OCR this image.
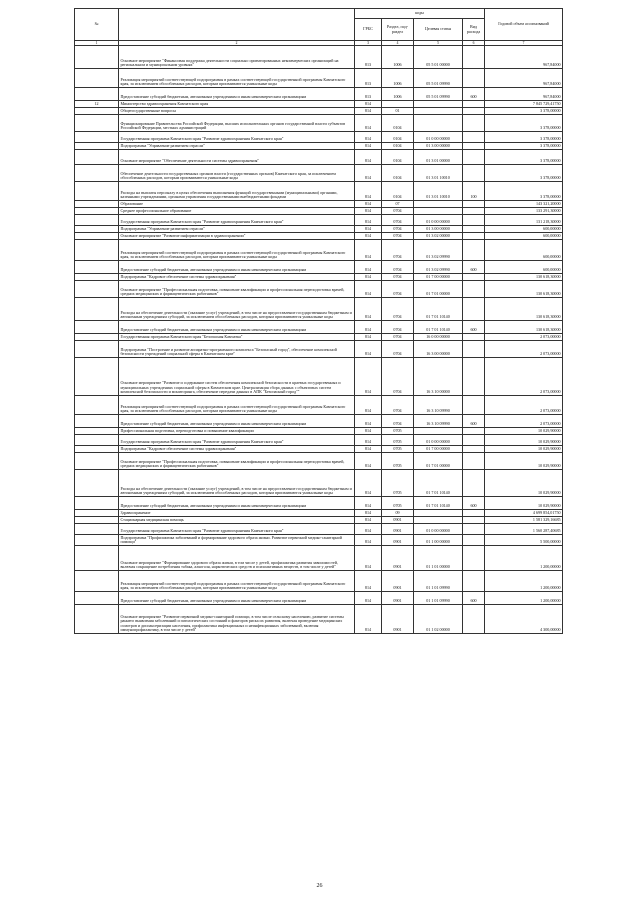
№		коды				Годовой объем ассигнований
		ГРБС	Раздел, под-раздел	Целевая статья	Вид расхода	
1	2	3	4	5	6	7
	Основное мероприятие "Финансовая поддержка деятельности социально ориентированных некоммерческих организаций на региональном и муниципальном уровнях"	813	1006	05 5 01 00000		967,84000
	Реализация мероприятий соответствующей подпрограммы в рамках соответствующей государственной программы Камчатского края, за исключением обособленных расходов, которым присваиваются уникальные коды	813	1006	05 5 01 09990		967,84000
	Предоставление субсидий бюджетным, автономным учреждениям и иным некоммерческим организациям	813	1006	05 5 01 09990	600	967,84000
12	Министерство здравоохранения Камчатского края	814				7 845 729,41750
	Общегосударственные вопросы	814	01			3 378,00000
	Функционирование Правительства Российской Федерации, высших исполнительных органов государственной власти субъектов Российской Федерации, местных администраций	814	0104			3 378,00000
	Государственная программа Камчатского края "Развитие здравоохранения Камчатского края"	814	0104	01 0 00 00000		3 378,00000
	Подпрограмма "Управление развитием отрасли"	814	0104	01 3 00 00000		3 378,00000
	Основное мероприятие "Обеспечение деятельности системы здравоохранения"	814	0104	01 3 01 00000		3 378,00000
	Обеспечение деятельности государственных органов власти (государственных органов) Камчатского края, за исключением обособленных расходов, которым присваиваются уникальные коды	814	0104	01 3 01 10010		3 378,00000
	Расходы на выплаты персоналу в целях обеспечения выполнения функций государственными (муниципальными) органами, казенными учреждениями, органами управления государственными внебюджетными фондами	814	0104	01 3 01 10010	100	3 378,00000
	Образование	814	07			143 321,20000
	Среднее профессиональное образование	814	0704			133 291,30000
	Государственная программа Камчатского края "Развитие здравоохранения Камчатского края"	814	0704	01 0 00 00000		131 218,30000
	Подпрограмма "Управление развитием отрасли"	814	0704	01 3 00 00000		600,00000
	Основное мероприятие "Развитие информатизации в здравоохранении"	814	0704	01 3 02 00000		600,00000
	Реализация мероприятий соответствующей подпрограммы в рамках соответствующей государственной программы Камчатского края, за исключением обособленных расходов, которым присваиваются уникальные коды	814	0704	01 3 02 09990		600,00000
	Предоставление субсидий бюджетным, автономным учреждениям и иным некоммерческим организациям	814	0704	01 3 02 09990	600	600,00000
	Подпрограмма "Кадровое обеспечение системы здравоохранения"	814	0704	01 7 00 00000		130 618,30000
	Основное мероприятие "Профессиональная подготовка, повышение квалификации и профессиональная переподготовка врачей, средних медицинских и фармацевтических работников"	814	0704	01 7 01 00000		130 618,30000
	Расходы на обеспечение деятельности (оказание услуг) учреждений, в том числе на предоставление государственным бюджетным и автономным учреждениям субсидий, за исключением обособленных расходов, которым присваиваются уникальные коды	814	0704	01 7 01 10140		130 618,30000
	Предоставление субсидий бюджетным, автономным учреждениям и иным некоммерческим организациям	814	0704	01 7 01 10140	600	130 618,30000
	Государственная программа Камчатского края "Безопасная Камчатка"	814	0704	16 0 00 00000		2 073,00000
	Подпрограмма "Построение и развитие аппаратно-программного комплекса "Безопасный город", обеспечение комплексной безопасности учреждений социальной сферы в Камчатском крае"	814	0704	16 3 00 00000		2 073,00000
	Основное мероприятие "Развитие и содержание систем обеспечения комплексной безопасности в краевых государственных и муниципальных учреждениях социальной сферы в Камчатском крае. Централизация сбора данных с объектовых систем комплексной безопасности и мониторинга, обеспечение передачи данных в АПК "Безопасный город""	814	0704	16 3 10 00000		2 073,00000
	Реализация мероприятий соответствующей подпрограммы в рамках соответствующей государственной программы Камчатского края, за исключением обособленных расходов, которым присваиваются уникальные коды	814	0704	16 3 10 09990		2 073,00000
	Предоставление субсидий бюджетным, автономным учреждениям и иным некоммерческим организациям	814	0704	16 3 10 09990	600	2 073,00000
	Профессиональная подготовка, переподготовка и повышение квалификации	814	0705			10 029,90000
	Государственная программа Камчатского края "Развитие здравоохранения Камчатского края"	814	0705	01 0 00 00000		10 029,90000
	Подпрограмма "Кадровое обеспечение системы здравоохранения"	814	0705	01 7 00 00000		10 029,90000
	Основное мероприятие "Профессиональная подготовка, повышение квалификации и профессиональная переподготовка врачей, средних медицинских и фармацевтических работников"	814	0705	01 7 01 00000		10 029,90000
	Расходы на обеспечение деятельности (оказание услуг) учреждений, в том числе на предоставление государственным бюджетным и автономным учреждениям субсидий, за исключением обособленных расходов, которым присваиваются уникальные коды	814	0705	01 7 01 10140		10 029,90000
	Предоставление субсидий бюджетным, автономным учреждениям и иным некоммерческим организациям	814	0705	01 7 01 10140	600	10 029,90000
	Здравоохранение	814	09			4 699 854,01750
	Стационарная медицинская помощь	814	0901			1 581 329,16685
	Государственная программа Камчатского края "Развитие здравоохранения Камчатского края"	814	0901	01 0 00 00000		1 560 287,40685
	Подпрограмма "Профилактика заболеваний и формирование здорового образа жизни. Развитие первичной медико-санитарной помощи"	814	0901	01 1 00 00000		5 500,00000
	Основное мероприятие "Формирование здорового образа жизни, в том числе у детей, профилактика развития зависимостей, включая сокращение потребления табака, алкоголя, наркотических средств и психоактивных веществ, в том числе у детей"	814	0901	01 1 01 00000		1 200,00000
	Реализация мероприятий соответствующей подпрограммы в рамках соответствующей государственной программы Камчатского края, за исключением обособленных расходов, которым присваиваются уникальные коды	814	0901	01 1 01 09990		1 200,00000
	Предоставление субсидий бюджетным, автономным учреждениям и иным некоммерческим организациям	814	0901	01 1 01 09990	600	1 200,00000
	Основное мероприятие "Развитие первичной медико-санитарной помощи, в том числе сельскому населению, развитие системы раннего выявления заболеваний и патологических состояний и факторов риска их развития, включая проведение медицинских осмотров и диспансеризации населения, профилактика инфекционных и неинфекционных заболеваний, включая иммунопрофилактику, в том числе у детей"	814	0901	01 1 02 00000		4 300,00000
26
